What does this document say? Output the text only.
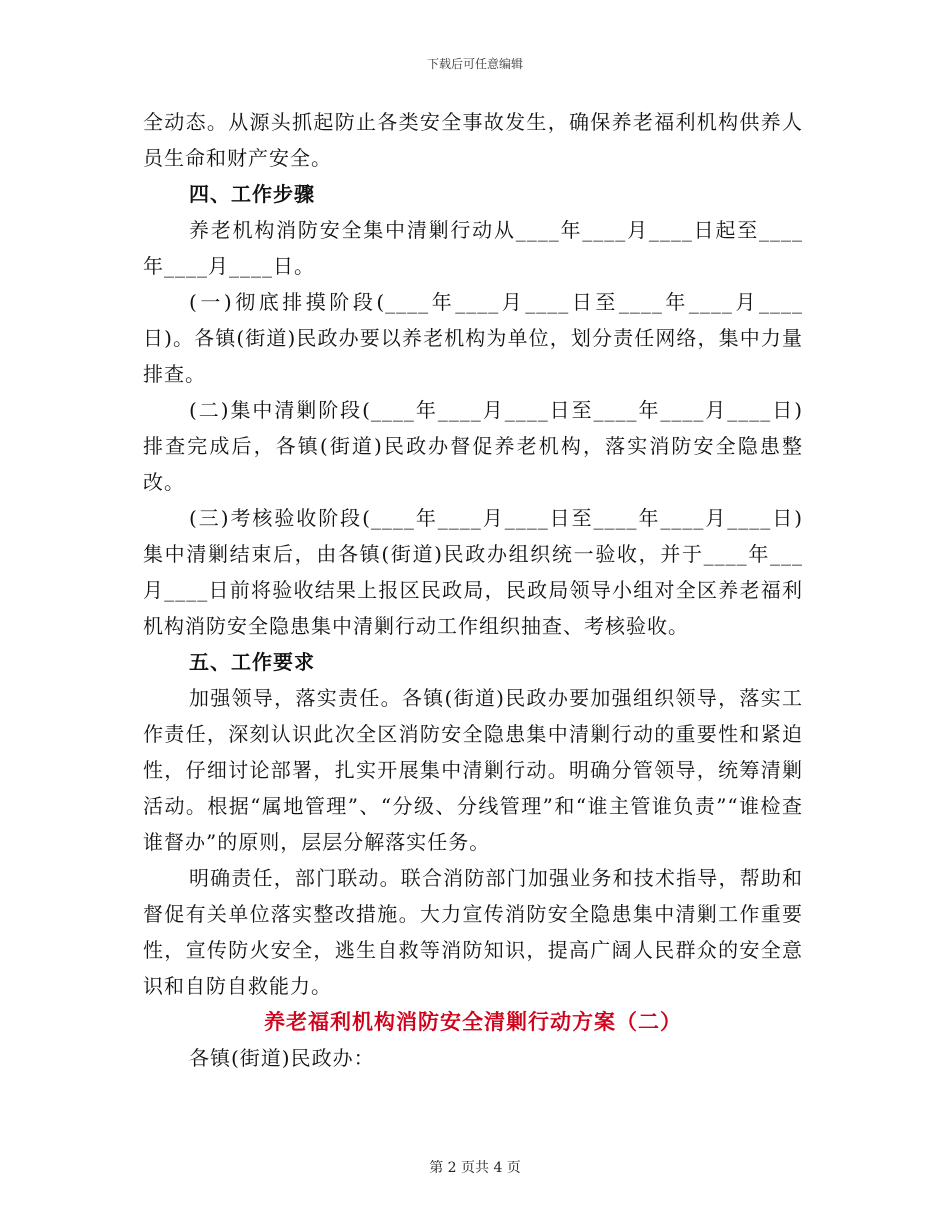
下载后可任意编辑

全动态。从源头抓起防止各类安全事故发生，确保养老福利机构供养人员生命和财产安全。

四、工作步骤

养老机构消防安全集中清剿行动从____年____月____日起至____年____月____日。

(一)彻底排摸阶段(____年____月____日至____年____月____日)。各镇(街道)民政办要以养老机构为单位，划分责任网络，集中力量排查。

(二)集中清剿阶段(____年____月____日至____年____月____日)排查完成后，各镇(街道)民政办督促养老机构，落实消防安全隐患整改。

(三)考核验收阶段(____年____月____日至____年____月____日)集中清剿结束后，由各镇(街道)民政办组织统一验收，并于____年___月____日前将验收结果上报区民政局，民政局领导小组对全区养老福利机构消防安全隐患集中清剿行动工作组织抽查、考核验收。

五、工作要求

加强领导，落实责任。各镇(街道)民政办要加强组织领导，落实工作责任，深刻认识此次全区消防安全隐患集中清剿行动的重要性和紧迫性，仔细讨论部署，扎实开展集中清剿行动。明确分管领导，统筹清剿活动。根据“属地管理”、“分级、分线管理”和“谁主管谁负责”“谁检查谁督办”的原则，层层分解落实任务。

明确责任，部门联动。联合消防部门加强业务和技术指导，帮助和督促有关单位落实整改措施。大力宣传消防安全隐患集中清剿工作重要性，宣传防火安全，逃生自救等消防知识，提高广阔人民群众的安全意识和自防自救能力。

养老福利机构消防安全清剿行动方案（二）

各镇(街道)民政办：

第 2 页共 4 页
